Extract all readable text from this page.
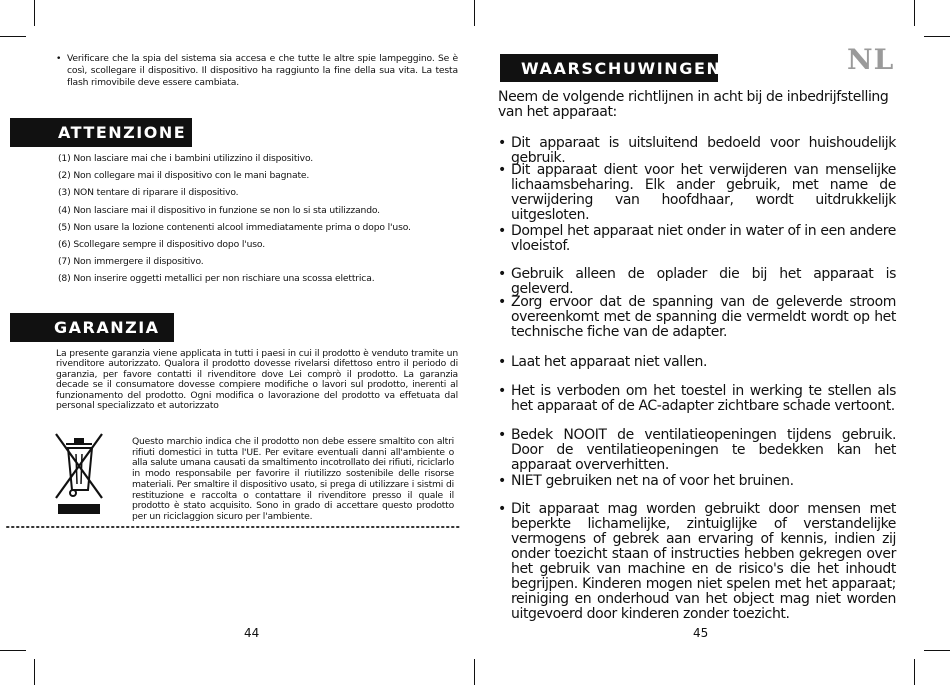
• Verificare che la spia del sistema sia accesa e che tutte le altre spie lampeggino. Se è così, scollegare il dispositivo. Il dispositivo ha raggiunto la fine della sua vita. La testa flash rimovibile deve essere cambiata.
ATTENZIONE
(1) Non lasciare mai che i bambini utilizzino il dispositivo.
(2) Non collegare mai il dispositivo con le mani bagnate.
(3) NON tentare di riparare il dispositivo.
(4) Non lasciare mai il dispositivo in funzione se non lo si sta utilizzando.
(5) Non usare la lozione contenenti alcool immediatamente prima o dopo l'uso.
(6) Scollegare sempre il dispositivo dopo l'uso.
(7) Non immergere il dispositivo.
(8) Non inserire oggetti metallici per non rischiare una scossa elettrica.
GARANZIA

La presente garanzia viene applicata in tutti i paesi in cui il prodotto è venduto tramite un rivenditore autorizzato. Qualora il prodotto dovesse rivelarsi difettoso entro il periodo di garanzia, per favore contatti il rivenditore dove Lei comprò il prodotto. La garanzia decade se il consumatore dovesse compiere modifiche o lavori sul prodotto, inerenti al funzionamento del prodotto. Ogni modifica o lavorazione del prodotto va effetuata dal personal specializzato et autorizzato

Questo marchio indica che il prodotto non debe essere smaltito con altri rifiuti domestici in tutta l'UE. Per evitare eventuali danni all'ambiente o alla salute umana causati da smaltimento incotrollato dei rifiuti, riciclarlo in modo responsabile per favorire il riutilizzo sostenibile delle risorse materiali. Per smaltire il dispositivo usato, si prega di utilizzare i sistmi di restituzione e raccolta o contattare il rivenditore presso il quale il prodotto è stato acquisito. Sono in grado di accettare questo prodotto per un riciclaggion sicuro per l'ambiente.

44
WAARSCHUWINGEN	NL

Neem de volgende richtlijnen in acht bij de inbedrijfstelling van het apparaat:

• Dit apparaat is uitsluitend bedoeld voor huishoudelijk gebruik.
• Dit apparaat dient voor het verwijderen van menselijke lichaamsbeharing. Elk ander gebruik, met name de verwijdering van hoofdhaar, wordt uitdrukkelijk uitgesloten.
• Dompel het apparaat niet onder in water of in een andere vloeistof.
• Gebruik alleen de oplader die bij het apparaat is geleverd.
• Zorg ervoor dat de spanning van de geleverde stroom overeenkomt met de spanning die vermeldt wordt op het technische fiche van de adapter.
• Laat het apparaat niet vallen.
• Het is verboden om het toestel in werking te stellen als het apparaat of de AC-adapter zichtbare schade vertoont.
• Bedek NOOIT de ventilatieopeningen tijdens gebruik. Door de ventilatieopeningen te bedekken kan het apparaat oververhitten.
• NIET gebruiken net na of voor het bruinen.
• Dit apparaat mag worden gebruikt door mensen met beperkte lichamelijke, zintuiglijke of verstandelijke vermogens of gebrek aan ervaring of kennis, indien zij onder toezicht staan of instructies hebben gekregen over het gebruik van machine en de risico's die het inhoudt begrijpen. Kinderen mogen niet spelen met het apparaat; reiniging en onderhoud van het object mag niet worden uitgevoerd door kinderen zonder toezicht.
45
